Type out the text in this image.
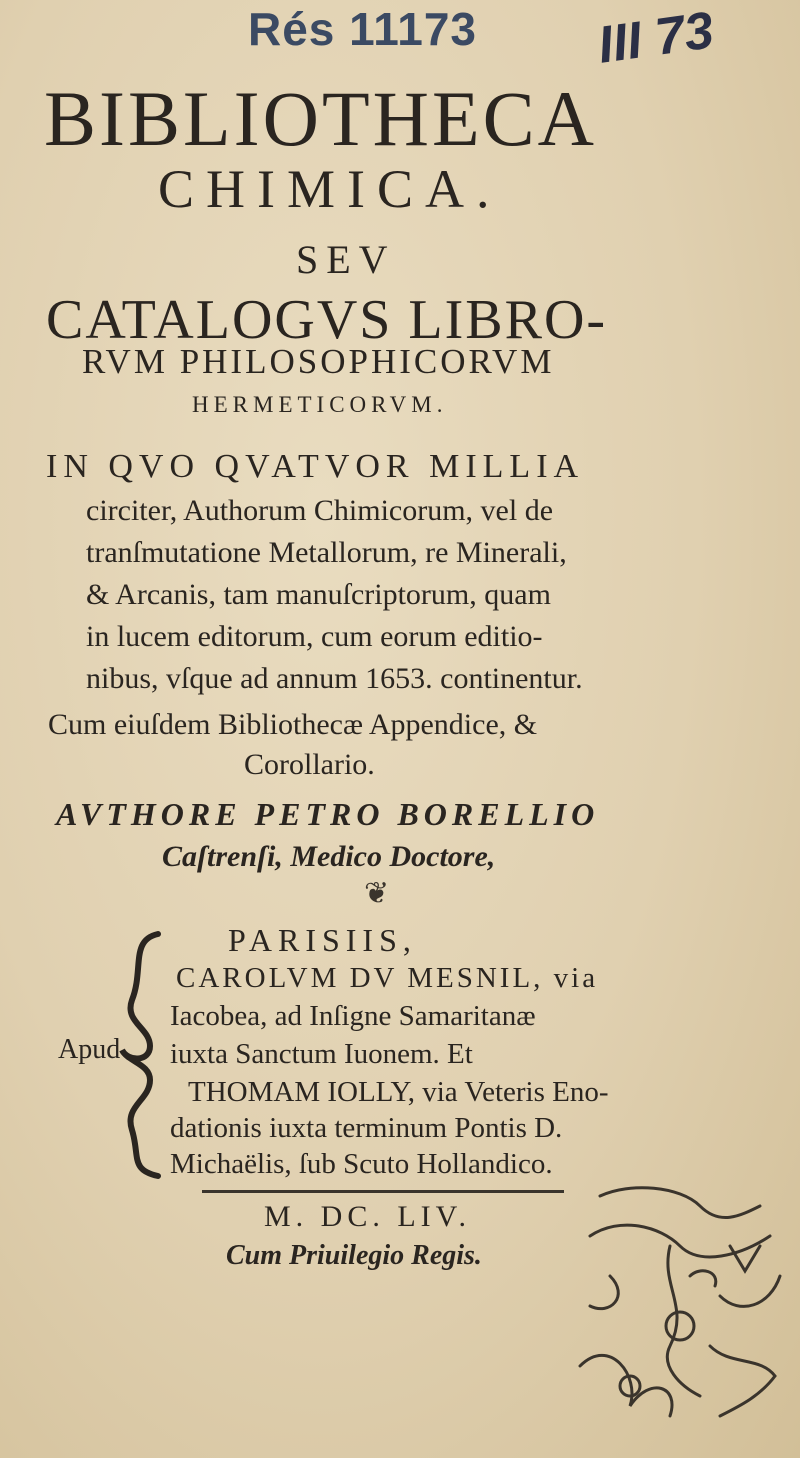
Rés 11173 III 73
BIBLIOTHECA
CHIMICA.
SEV
CATALOGVS LIBRO-
RVM PHILOSOPHICORVM
HERMETICORVM.
IN QVO QVATVOR MILLIA
circiter, Authorum Chimicorum, vel de
tranſmutatione Metallorum, re Minerali,
& Arcanis, tam manuſcriptorum, quam
in lucem editorum, cum eorum editio-
nibus, vſque ad annum 1653. continentur.
Cum eiuſdem Bibliothecæ Appendice, &
Corollario.
AVTHORE PETRO BORELLIO
Caſtrenſi, Medico Doctore,
❦
PARISIIS,
Apud
CAROLVM DV MESNIL, via
Iacobea, ad Inſigne Samaritanæ
iuxta Sanctum Iuonem. Et
THOMAM IOLLY, via Veteris Eno-
dationis iuxta terminum Pontis D.
Michaëlis, ſub Scuto Hollandico.
M. DC. LIV.
Cum Priuilegio Regis.
